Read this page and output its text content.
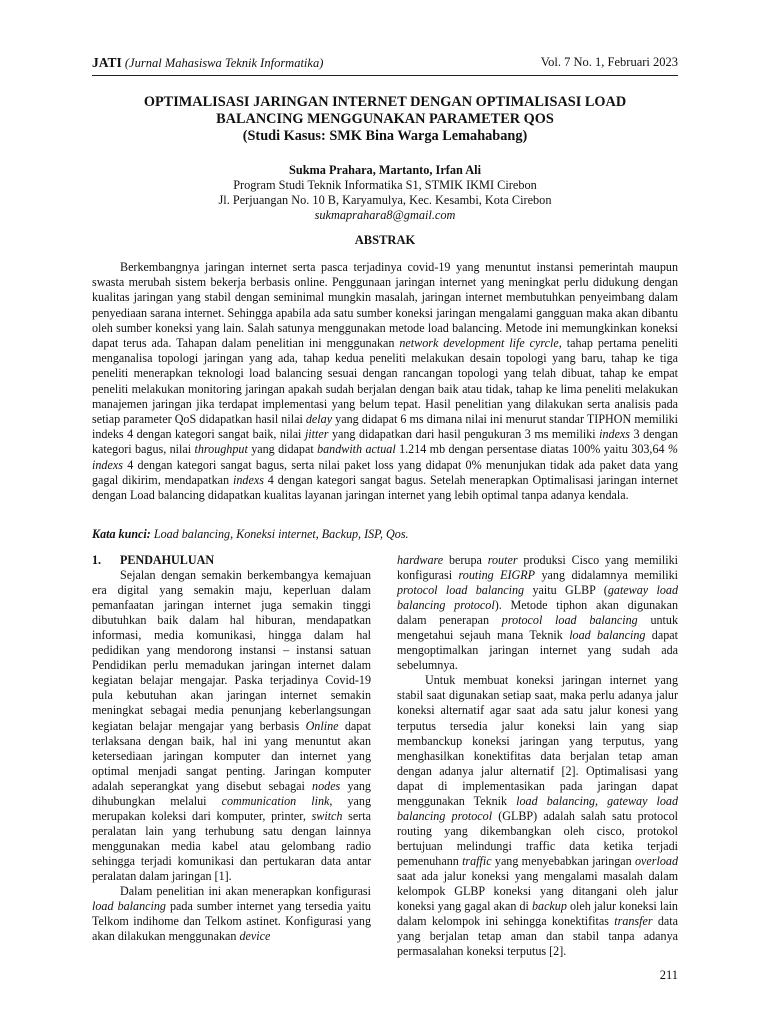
JATI (Jurnal Mahasiswa Teknik Informatika)	Vol. 7 No. 1, Februari 2023
OPTIMALISASI JARINGAN INTERNET DENGAN OPTIMALISASI LOAD
BALANCING MENGGUNAKAN PARAMETER QOS
(Studi Kasus: SMK Bina Warga Lemahabang)
Sukma Prahara, Martanto, Irfan Ali
Program Studi Teknik Informatika S1, STMIK IKMI Cirebon
Jl. Perjuangan No. 10 B, Karyamulya, Kec. Kesambi, Kota Cirebon
sukmaprahara8@gmail.com
ABSTRAK

Berkembangnya jaringan internet serta pasca terjadinya covid-19 yang menuntut instansi pemerintah maupun swasta merubah sistem bekerja berbasis online. Penggunaan jaringan internet yang meningkat perlu didukung dengan kualitas jaringan yang stabil dengan seminimal mungkin masalah, jaringan internet membutuhkan penyeimbang dalam penyediaan sarana internet. Sehingga apabila ada satu sumber koneksi jaringan mengalami gangguan maka akan dibantu oleh sumber koneksi yang lain. Salah satunya menggunakan metode load balancing. Metode ini memungkinkan koneksi dapat terus ada. Tahapan dalam penelitian ini menggunakan network development life cyrcle, tahap pertama peneliti menganalisa topologi jaringan yang ada, tahap kedua peneliti melakukan desain topologi yang baru, tahap ke tiga peneliti menerapkan teknologi load balancing sesuai dengan rancangan topologi yang telah dibuat, tahap ke empat peneliti melakukan monitoring jaringan apakah sudah berjalan dengan baik atau tidak, tahap ke lima peneliti melakukan manajemen jaringan jika terdapat implementasi yang belum tepat. Hasil penelitian yang dilakukan serta analisis pada setiap parameter QoS didapatkan hasil nilai delay yang didapat 6 ms dimana nilai ini menurut standar TIPHON memiliki indeks 4 dengan kategori sangat baik, nilai jitter yang didapatkan dari hasil pengukuran 3 ms memiliki indexs 3 dengan kategori bagus, nilai throughput yang didapat bandwith actual 1.214 mb dengan persentase diatas 100% yaitu 303,64 % indexs 4 dengan kategori sangat bagus, serta nilai paket loss yang didapat 0% menunjukan tidak ada paket data yang gagal dikirim, mendapatkan indexs 4 dengan kategori sangat bagus. Setelah menerapkan Optimalisasi jaringan internet dengan Load balancing didapatkan kualitas layanan jaringan internet yang lebih optimal tanpa adanya kendala.

Kata kunci: Load balancing, Koneksi internet, Backup, ISP, Qos.

1. PENDAHULUAN

Sejalan dengan semakin berkembangya kemajuan era digital yang semakin maju, keperluan dalam pemanfaatan jaringan internet juga semakin tinggi dibutuhkan baik dalam hal hiburan, mendapatkan informasi, media komunikasi, hingga dalam hal pedidikan yang mendorong instansi – instansi satuan Pendidikan perlu memadukan jaringan internet dalam kegiatan belajar mengajar. Paska terjadinya Covid-19 pula kebutuhan akan jaringan internet semakin meningkat sebagai media penunjang keberlangsungan kegiatan belajar mengajar yang berbasis Online dapat terlaksana dengan baik, hal ini yang menuntut akan ketersediaan jaringan komputer dan internet yang optimal menjadi sangat penting. Jaringan komputer adalah seperangkat yang disebut sebagai nodes yang dihubungkan melalui communication link, yang merupakan koleksi dari komputer, printer, switch serta peralatan lain yang terhubung satu dengan lainnya menggunakan media kabel atau gelombang radio sehingga terjadi komunikasi dan pertukaran data antar peralatan dalam jaringan [1].

Dalam penelitian ini akan menerapkan konfigurasi load balancing pada sumber internet yang tersedia yaitu Telkom indihome dan Telkom astinet. Konfigurasi yang akan dilakukan menggunakan device

hardware berupa router produksi Cisco yang memiliki konfigurasi routing EIGRP yang didalamnya memiliki protocol load balancing yaitu GLBP (gateway load balancing protocol). Metode tiphon akan digunakan dalam penerapan protocol load balancing untuk mengetahui sejauh mana Teknik load balancing dapat mengoptimalkan jaringan internet yang sudah ada sebelumnya.

Untuk membuat koneksi jaringan internet yang stabil saat digunakan setiap saat, maka perlu adanya jalur koneksi alternatif agar saat ada satu jalur konesi yang terputus tersedia jalur koneksi lain yang siap membanckup koneksi jaringan yang terputus, yang menghasilkan konektifitas data berjalan tetap aman dengan adanya jalur alternatif [2]. Optimalisasi yang dapat di implementasikan pada jaringan dapat menggunakan Teknik load balancing, gateway load balancing protocol (GLBP) adalah salah satu protocol routing yang dikembangkan oleh cisco, protokol bertujuan melindungi traffic data ketika terjadi pemenuhann traffic yang menyebabkan jaringan overload saat ada jalur koneksi yang mengalami masalah dalam kelompok GLBP koneksi yang ditangani oleh jalur koneksi yang gagal akan di backup oleh jalur koneksi lain dalam kelompok ini sehingga konektifitas transfer data yang berjalan tetap aman dan stabil tanpa adanya permasalahan koneksi terputus [2].

211
